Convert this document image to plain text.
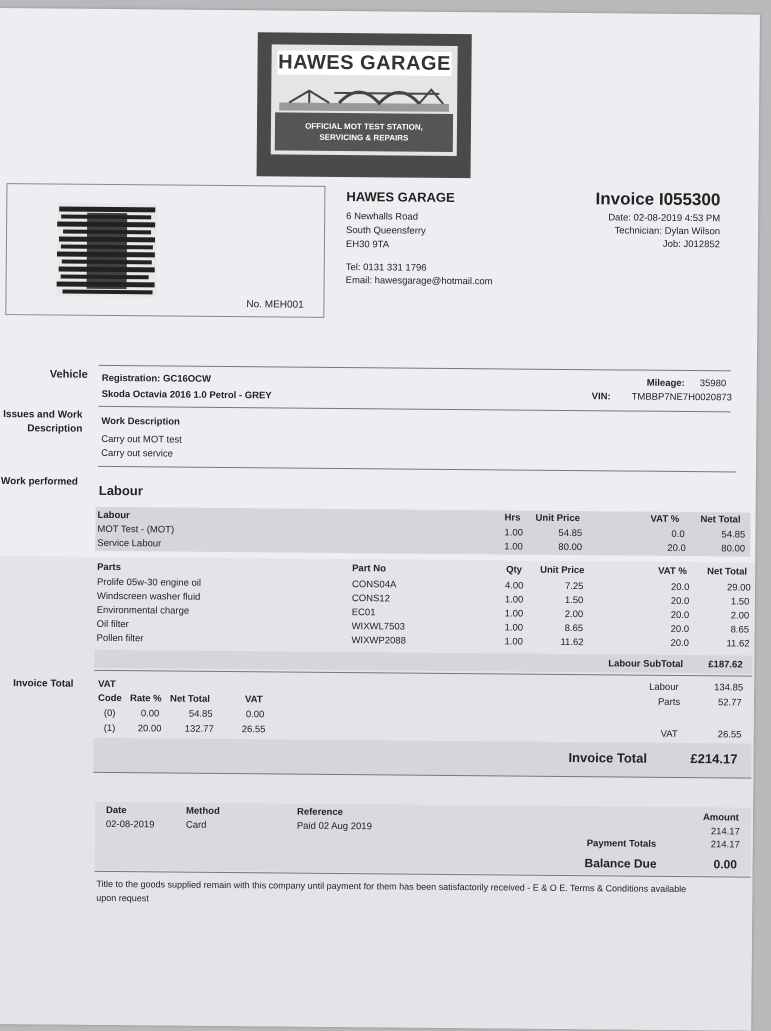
HAWES GARAGE
OFFICIAL MOT TEST STATION,
SERVICING & REPAIRS
No. MEH001
HAWES GARAGE
6 Newhalls Road
South Queensferry
EH30 9TA
Tel: 0131 331 1796
Email: hawesgarage@hotmail.com
Invoice I055300
Date: 02-08-2019 4:53 PM
Technician: Dylan Wilson
Job: J012852
Vehicle Registration: GC16OCW
Skoda Octavia 2016 1.0 Petrol - GREY
Mileage: 35980
VIN: TMBBP7NE7H0020873
Issues and Work
Description
Work Description
Carry out MOT test
Carry out service
Work performed
Labour
Labour	Hrs Unit Price	VAT % Net Total
MOT Test - (MOT)	1.00	54.85	0.0	54.85
Service Labour	1.00	80.00	20.0	80.00
Parts	Part No	Qty Unit Price	VAT % Net Total
Prolife 05w-30 engine oil	CONS04A	4.00	7.25	20.0	29.00
Windscreen washer fluid	CONS12	1.00	1.50	20.0	1.50
Environmental charge	EC01	1.00	2.00	20.0	2.00
Oil filter	WIXWL7503	1.00	8.65	20.0	8.65
Pollen filter	WIXWP2088	1.00	11.62	20.0	11.62
Labour SubTotal	£187.62
Invoice Total	VAT
Code Rate % Net Total	VAT
(0)	0.00	54.85	0.00
(1) 20.00 132.77	26.55
Labour	134.85
Parts	52.77
VAT	26.55
Invoice Total	£214.17
Date	Method	Reference	Amount
02-08-2019	Card	Paid 02 Aug 2019	214.17
Payment Totals	214.17
Balance Due	0.00
Title to the goods supplied remain with this company until payment for them has been satisfactorily received - E & O E. Terms & Conditions available
upon request
